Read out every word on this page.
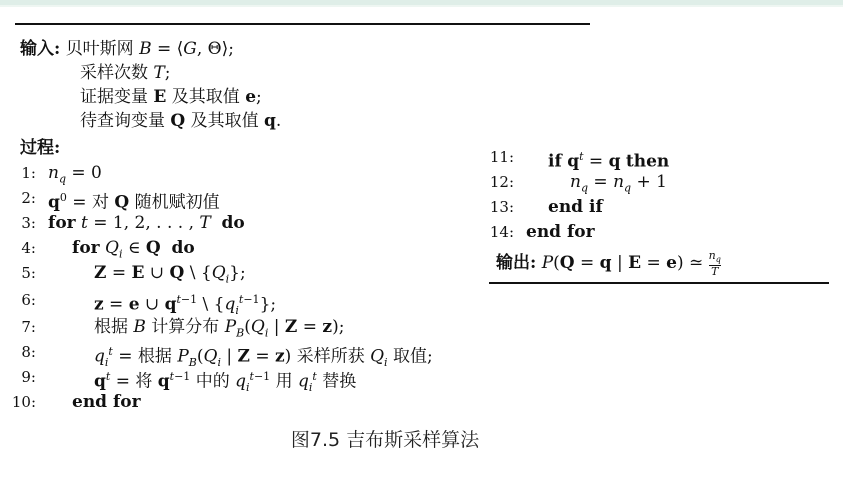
输入: 贝叶斯网 B = ⟨G, Θ⟩;
采样次数 T;
证据变量 E 及其取值 e;
待查询变量 Q 及其取值 q.
过程:
1: $n_q = 0$
2: $q^0$ = 对 Q 随机赋初值
3: for t = 1, 2, . . . , T do
4: for $Q_i$ ∈ Q do
5:	Z = E ∪ Q \ $\{Q_i\}$;
6:	z = e ∪ $q^{t-1}$ \ $\{q_i^{t-1}\}$;
7:	根据 B 计算分布 $P_B(Q_i$ | Z = z);
8:	$q_i^t$ = 根据 $P_B(Q_i$ | Z = z) 采样所获 $Q_i$ 取值;
9:	$q^t$ = 将 $q^{t-1}$ 中的 $q_i^{t-1}$ 用 $q_i^t$ 替换
10: end for
11: if $q^t = q$ then
12:	$n_q = n_q + 1$
13: end if
14: end for
输出: P(Q = q | E = e) ≃ $\frac{n_q}{T}$
图7.5 吉布斯采样算法
